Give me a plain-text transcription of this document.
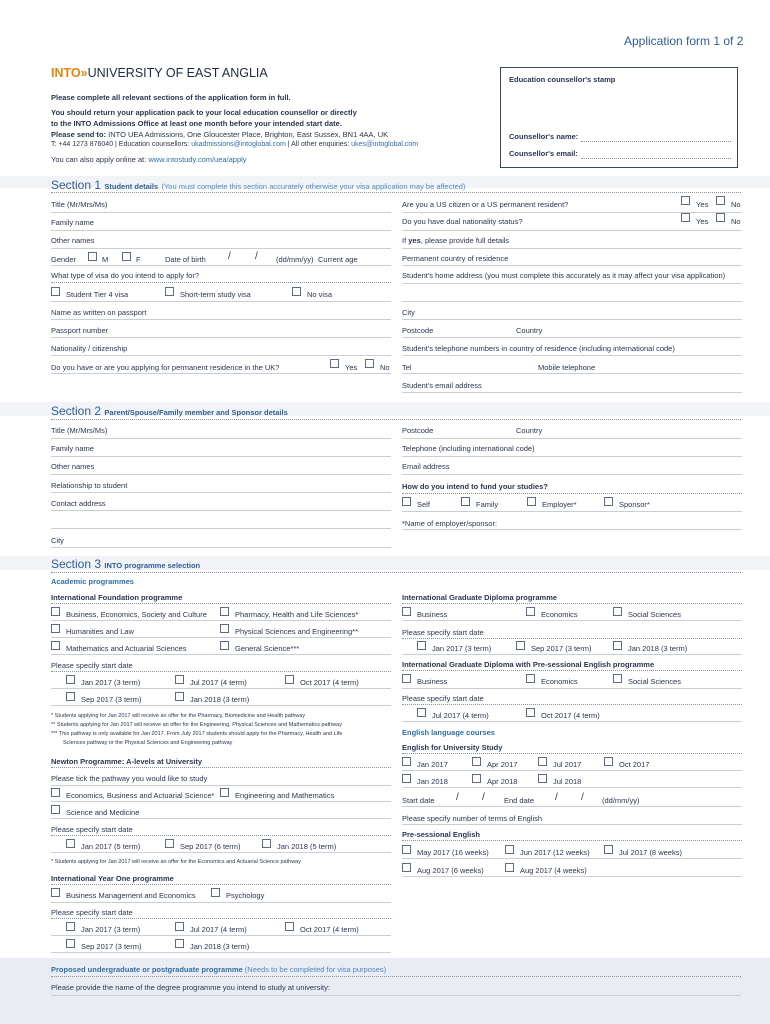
Application form 1 of 2
INTO»UNIVERSITY OF EAST ANGLIA
Please complete all relevant sections of the application form in full.
You should return your application pack to your local education counsellor or directly
to the INTO Admissions Office at least one month before your intended start date.
Please send to: INTO UEA Admissions, One Gloucester Place, Brighton, East Sussex, BN1 4AA, UK
T: +44 1273 876040 | Education counsellors: ukadmissions@intoglobal.com | All other enquiries: ukes@intoglobal.com
You can also apply online at: www.intostudy.com/uea/apply
Education counsellor's stamp
Counsellor's name:
Counsellor's email:
Section 1 Student details (You must complete this section accurately otherwise your visa application may be affected)
Title (Mr/Mrs/Ms)
Family name
Other names
Gender	M	F	Date of birth / / (dd/mm/yy) Current age
What type of visa do you intend to apply for?
Student Tier 4 visa	Short-term study visa	No visa
Name as written on passport
Passport number
Nationality / citizenship
Do you have or are you applying for permanent residence in the UK?	Yes	No
Are you a US citizen or a US permanent resident?	Yes	No
Do you have dual nationality status?	Yes	No
If yes, please provide full details
Permanent country of residence
Student's home address (you must complete this accurately as it may affect your visa application)
City
Postcode	Country
Student's telephone numbers in country of residence (including international code)
Tel	Mobile telephone
Student's email address
Section 2 Parent/Spouse/Family member and Sponsor details
Title (Mr/Mrs/Ms)
Family name
Other names
Relationship to student
Contact address
City
Postcode	Country
Telephone (including international code)
Email address
How do you intend to fund your studies?
Self	Family	Employer*	Sponsor*
*Name of employer/sponsor:
Section 3 INTO programme selection
Academic programmes
International Foundation programme
Business, Economics, Society and Culture	Pharmacy, Health and Life Sciences*
Humanities and Law	Physical Sciences and Engineering**
Mathematics and Actuarial Sciences	General Science***
Please specify start date
Jan 2017 (3 term)	Jul 2017 (4 term)	Oct 2017 (4 term)
Sep 2017 (3 term)	Jan 2018 (3 term)
* Students applying for Jan 2017 will receive an offer for the Pharmacy, Biomedicine and Health pathway
** Students applying for Jan 2017 will receive an offer for the Engineering, Physical Sciences and Mathematics pathway
*** This pathway is only available for Jan 2017. From July 2017 students should apply for the Pharmacy, Health and Life
Sciences pathway or the Physical Sciences and Engineering pathway
Newton Programme: A-levels at University
Please tick the pathway you would like to study
Economics, Business and Actuarial Science*	Engineering and Mathematics
Science and Medicine
Please specify start date
Jan 2017 (5 term)	Sep 2017 (6 term)	Jan 2018 (5 term)
* Students applying for Jan 2017 will receive an offer for the Economics and Actuarial Science pathway
International Year One programme
Business Management and Economics	Psychology
Please specify start date
Jan 2017 (3 term)	Jul 2017 (4 term)	Oct 2017 (4 term)
Sep 2017 (3 term)	Jan 2018 (3 term)
International Graduate Diploma programme
Business	Economics	Social Sciences
Please specify start date
Jan 2017 (3 term)	Sep 2017 (3 term)	Jan 2018 (3 term)
International Graduate Diploma with Pre-sessional English programme
Business	Economics	Social Sciences
Please specify start date
Jul 2017 (4 term)	Oct 2017 (4 term)
English language courses
English for University Study
Jan 2017	Apr 2017	Jul 2017	Oct 2017
Jan 2018	Apr 2018	Jul 2018
Start date / /	End date / / (dd/mm/yy)
Please specify number of terms of English
Pre-sessional English
May 2017 (16 weeks)	Jun 2017 (12 weeks)	Jul 2017 (8 weeks)
Aug 2017 (6 weeks)	Aug 2017 (4 weeks)
Proposed undergraduate or postgraduate programme (Needs to be completed for visa purposes)
Please provide the name of the degree programme you intend to study at university:
